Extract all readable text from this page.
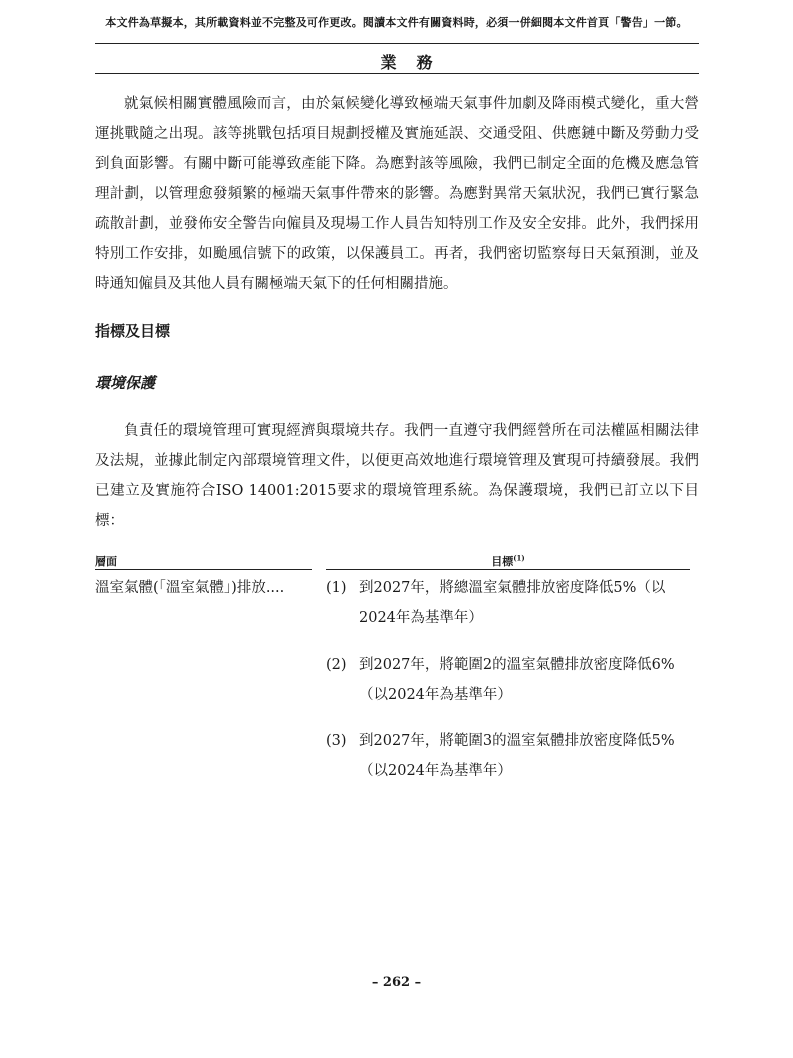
本文件為草擬本，其所載資料並不完整及可作更改。閱讀本文件有關資料時，必須一併細閱本文件首頁「警告」一節。
業務

就氣候相關實體風險而言，由於氣候變化導致極端天氣事件加劇及降雨模式變化，重大營運挑戰隨之出現。該等挑戰包括項目規劃授權及實施延誤、交通受阻、供應鏈中斷及勞動力受到負面影響。有關中斷可能導致產能下降。為應對該等風險，我們已制定全面的危機及應急管理計劃，以管理愈發頻繁的極端天氣事件帶來的影響。為應對異常天氣狀況，我們已實行緊急疏散計劃，並發佈安全警告向僱員及現場工作人員告知特別工作及安全安排。此外，我們採用特別工作安排，如颱風信號下的政策，以保護員工。再者，我們密切監察每日天氣預測，並及時通知僱員及其他人員有關極端天氣下的任何相關措施。

指標及目標
環境保護

負責任的環境管理可實現經濟與環境共存。我們一直遵守我們經營所在司法權區相關法律及法規，並據此制定內部環境管理文件，以便更高效地進行環境管理及實現可持續發展。我們已建立及實施符合ISO 14001:2015要求的環境管理系統。為保護環境，我們已訂立以下目標：

層面	目標$^{(1)}$
溫室氣體(「溫室氣體」)排放....	(1) 到2027年，將總溫室氣體排放密度降低5%（以
2024年為基準年）
(2) 到2027年，將範圍2的溫室氣體排放密度降低6%
（以2024年為基準年）
(3) 到2027年，將範圍3的溫室氣體排放密度降低5%
（以2024年為基準年）
– 262 –
